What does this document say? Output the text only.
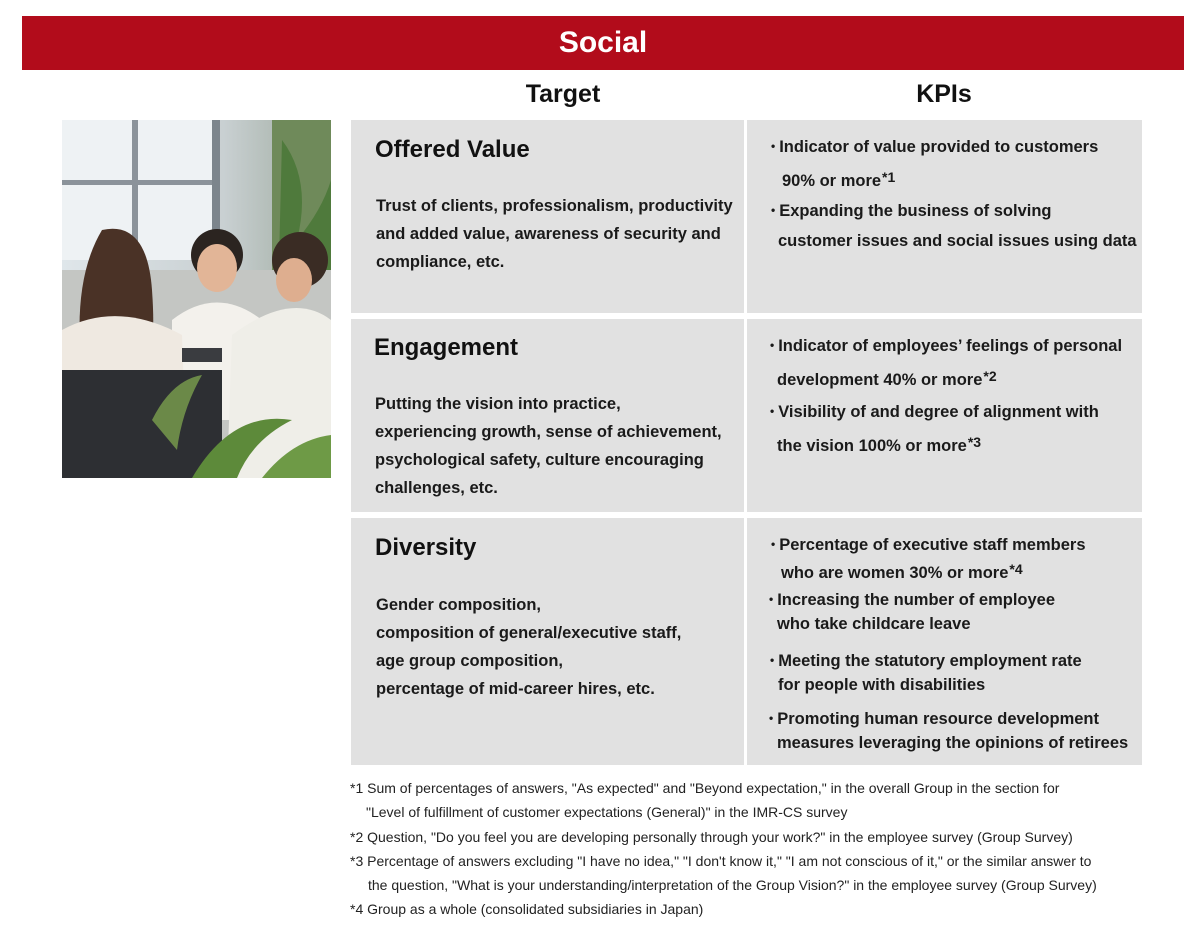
Social
Target	KPIs
Offered Value
Trust of clients, professionalism, productivity
and added value, awareness of security and
compliance, etc.
• Indicator of value provided to customers
90% or more$^{*1}$
• Expanding the business of solving
customer issues and social issues using data
Engagement
Putting the vision into practice,
experiencing growth, sense of achievement,
psychological safety, culture encouraging
challenges, etc.
• Indicator of employees’ feelings of personal
development 40% or more$^{*2}$
• Visibility of and degree of alignment with
the vision 100% or more$^{*3}$
Diversity
Gender composition,
composition of general/executive staff,
age group composition,
percentage of mid-career hires, etc.
• Percentage of executive staff members
who are women 30% or more$^{*4}$
• Increasing the number of employee
who take childcare leave
• Meeting the statutory employment rate
for people with disabilities
• Promoting human resource development
measures leveraging the opinions of retirees
*1 Sum of percentages of answers, "As expected" and "Beyond expectation," in the overall Group in the section for
"Level of fulfillment of customer expectations (General)" in the IMR-CS survey
*2 Question, "Do you feel you are developing personally through your work?" in the employee survey (Group Survey)
*3 Percentage of answers excluding "I have no idea," "I don't know it," "I am not conscious of it," or the similar answer to
the question, "What is your understanding/interpretation of the Group Vision?" in the employee survey (Group Survey)
*4 Group as a whole (consolidated subsidiaries in Japan)
